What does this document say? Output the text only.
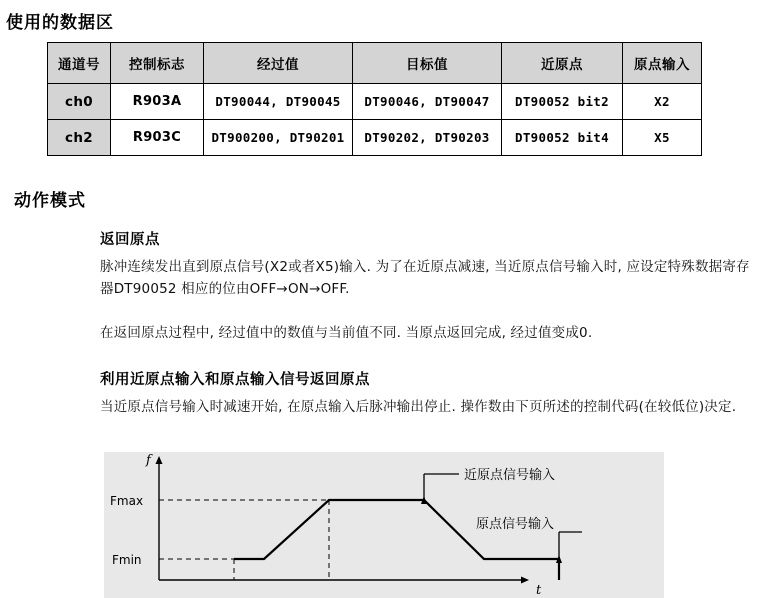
使用的数据区
通道号	控制标志	经过值	目标值	近原点	原点输入
ch0	R903A	DT90044, DT90045	DT90046, DT90047	DT90052 bit2	X2
ch2	R903C	DT900200, DT90201	DT90202, DT90203	DT90052 bit4	X5
动作模式
返回原点
脉冲连续发出直到原点信号(X2或者X5)输入. 为了在近原点减速, 当近原点信号输入时, 应设定特殊数据寄存器DT90052 相应的位由OFF→ON→OFF.
在返回原点过程中, 经过值中的数值与当前值不同. 当原点返回完成, 经过值变成0.
利用近原点输入和原点输入信号返回原点
当近原点信号输入时减速开始, 在原点输入后脉冲输出停止. 操作数由下页所述的控制代码(在较低位)决定.
f
t
Fmax
Fmin
近原点信号输入
原点信号输入
